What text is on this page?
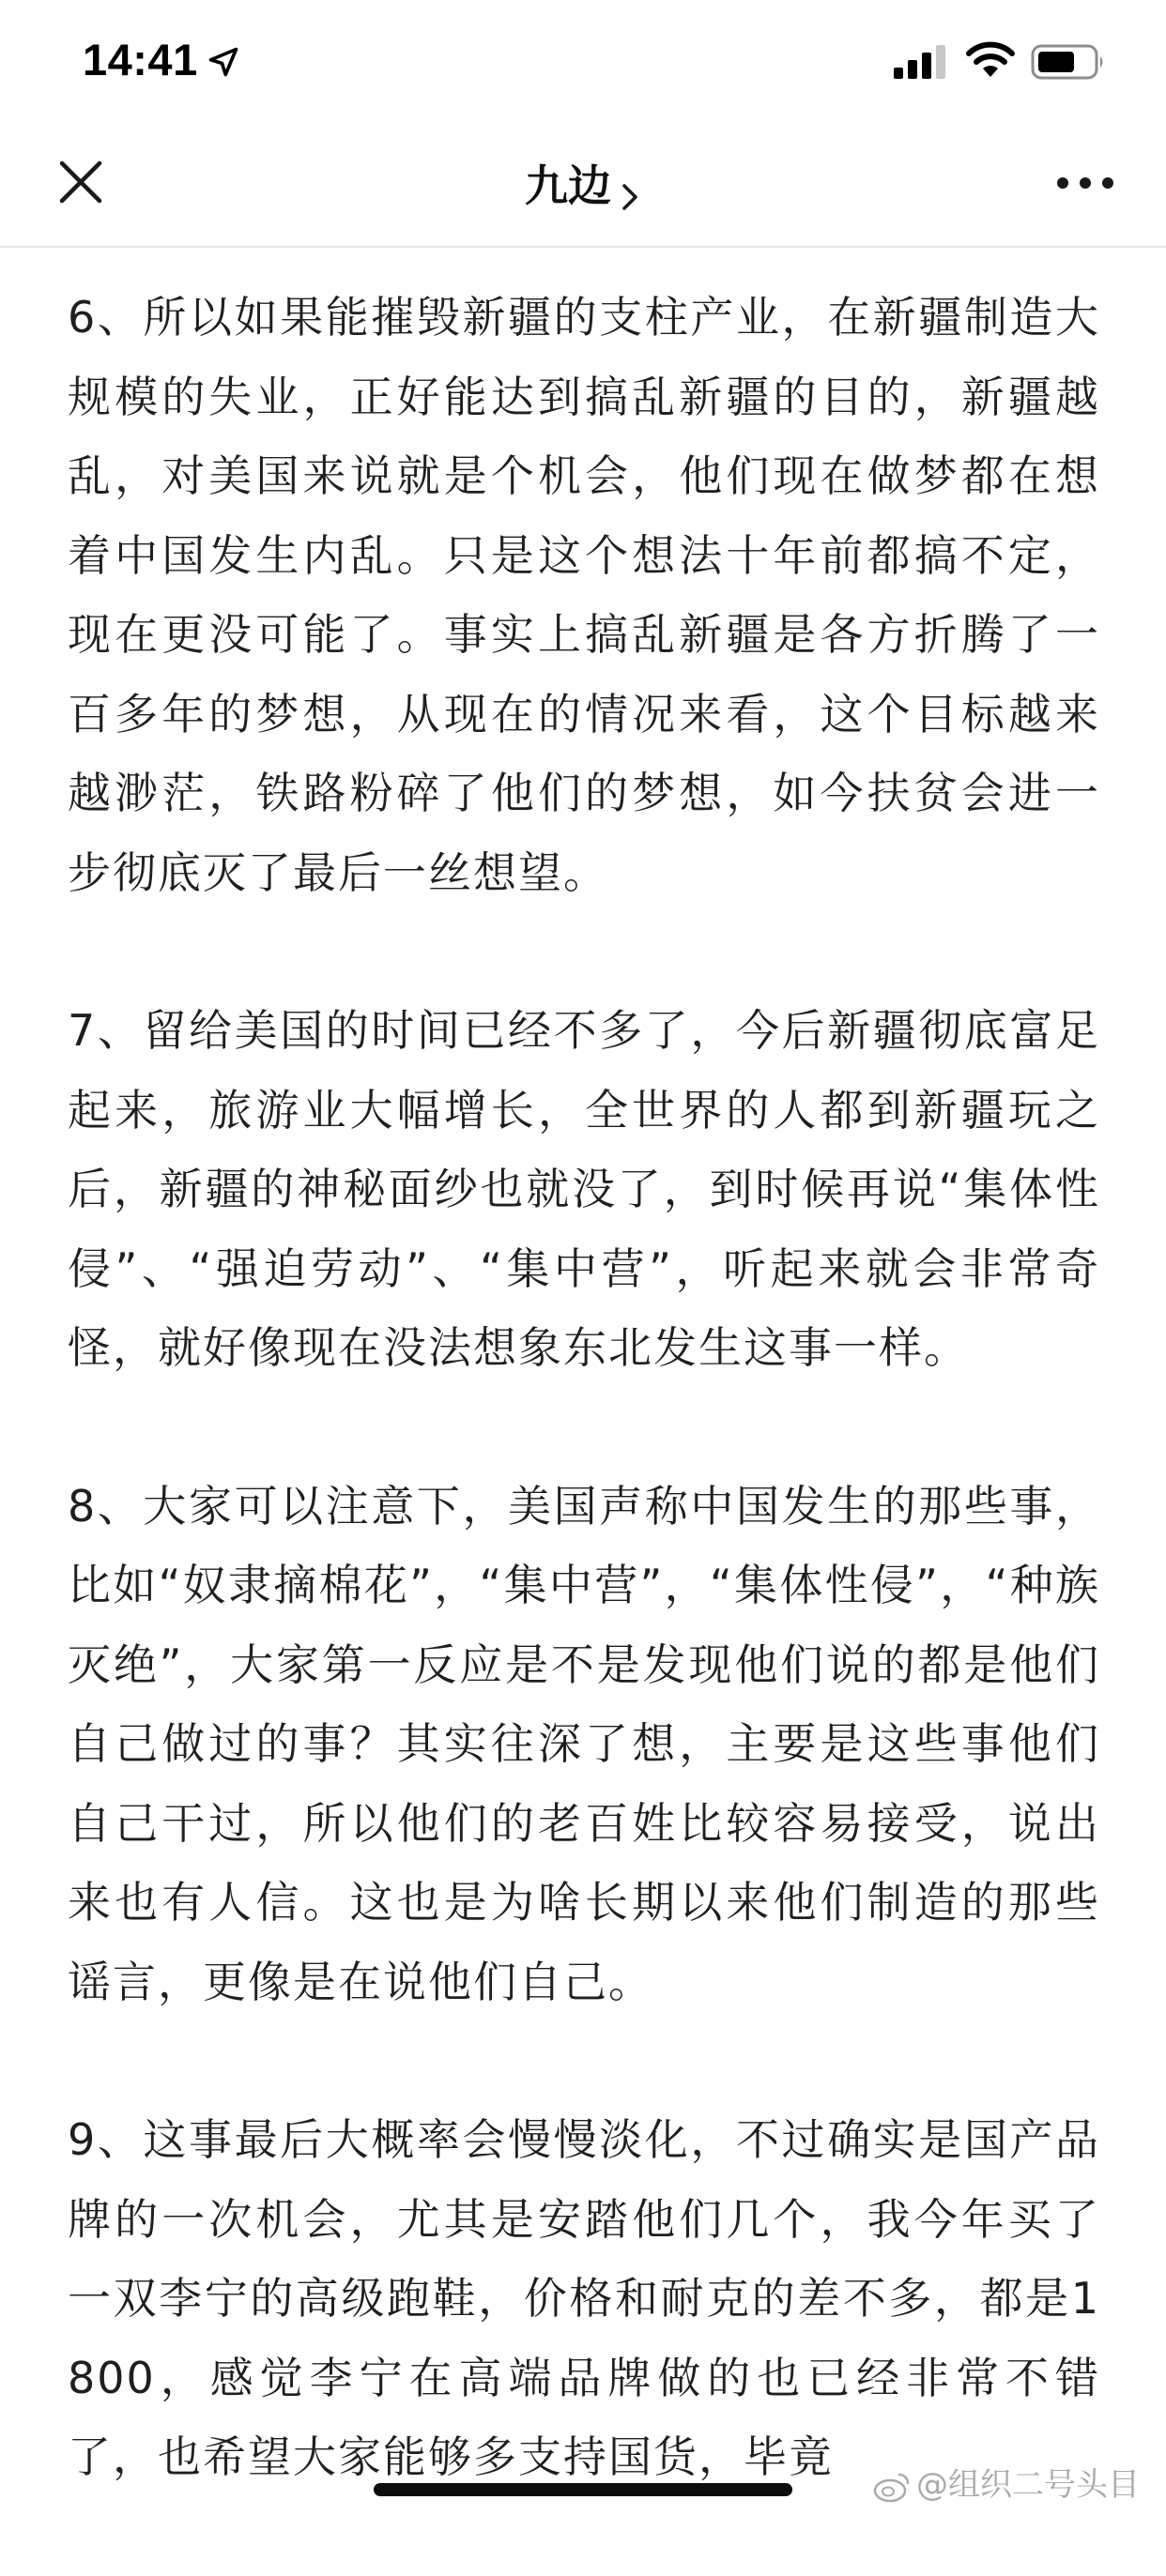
14:41
九边

6、所以如果能摧毁新疆的支柱产业，在新疆制造大规模的失业，正好能达到搞乱新疆的目的，新疆越乱，对美国来说就是个机会，他们现在做梦都在想着中国发生内乱。只是这个想法十年前都搞不定，现在更没可能了。事实上搞乱新疆是各方折腾了一百多年的梦想，从现在的情况来看，这个目标越来越渺茫，铁路粉碎了他们的梦想，如今扶贫会进一步彻底灭了最后一丝想望。

7、留给美国的时间已经不多了，今后新疆彻底富足起来，旅游业大幅增长，全世界的人都到新疆玩之后，新疆的神秘面纱也就没了，到时候再说“集体性侵”、“强迫劳动”、“集中营”，听起来就会非常奇怪，就好像现在没法想象东北发生这事一样。

8、大家可以注意下，美国声称中国发生的那些事，比如“奴隶摘棉花”，“集中营”，“集体性侵”，“种族灭绝”，大家第一反应是不是发现他们说的都是他们自己做过的事？其实往深了想，主要是这些事他们自己干过，所以他们的老百姓比较容易接受，说出来也有人信。这也是为啥长期以来他们制造的那些谣言，更像是在说他们自己。

9、这事最后大概率会慢慢淡化，不过确实是国产品牌的一次机会，尤其是安踏他们几个，我今年买了一双李宁的高级跑鞋，价格和耐克的差不多，都是1800，感觉李宁在高端品牌做的也已经非常不错了，也希望大家能够多支持国货，毕竟

@组织二号头目
